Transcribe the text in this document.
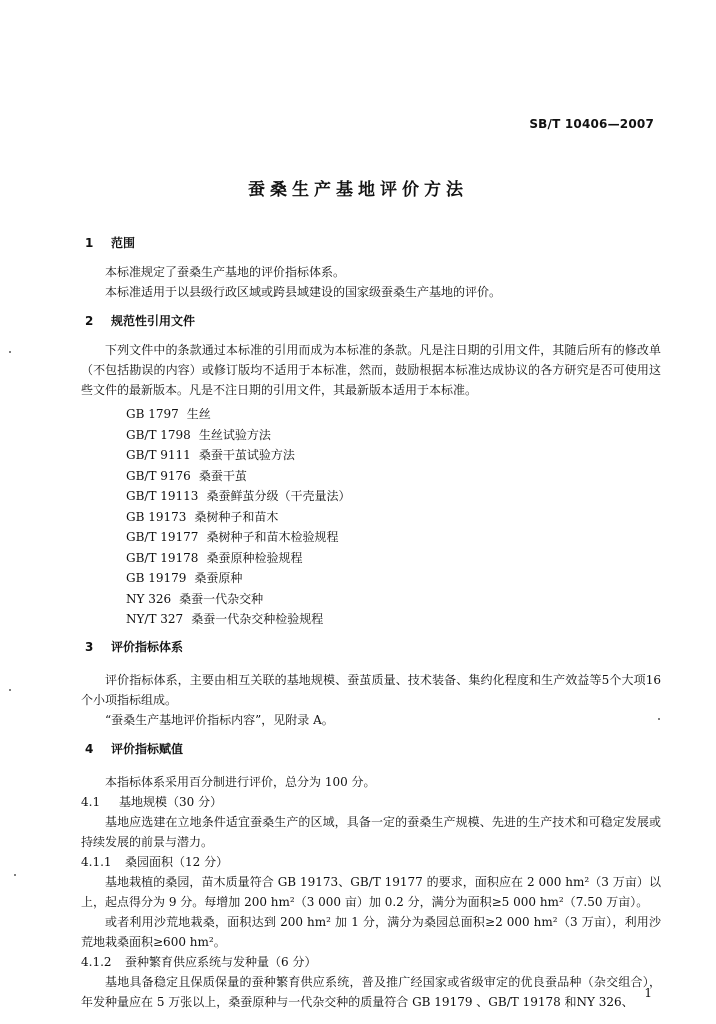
SB/T 10406—2007
蚕桑生产基地评价方法
1 范围

本标准规定了蚕桑生产基地的评价指标体系。

本标准适用于以县级行政区域或跨县域建设的国家级蚕桑生产基地的评价。

2 规范性引用文件

下列文件中的条款通过本标准的引用而成为本标准的条款。凡是注日期的引用文件，其随后所有的修改单（不包括勘误的内容）或修订版均不适用于本标准，然而，鼓励根据本标准达成协议的各方研究是否可使用这些文件的最新版本。凡是不注日期的引用文件，其最新版本适用于本标准。

GB 1797 生丝
GB/T 1798 生丝试验方法
GB/T 9111 桑蚕干茧试验方法
GB/T 9176 桑蚕干茧
GB/T 19113 桑蚕鲜茧分级（干壳量法）
GB 19173 桑树种子和苗木
GB/T 19177 桑树种子和苗木检验规程
GB/T 19178 桑蚕原种检验规程
GB 19179 桑蚕原种
NY 326 桑蚕一代杂交种
NY/T 327 桑蚕一代杂交种检验规程
3 评价指标体系

评价指标体系，主要由相互关联的基地规模、蚕茧质量、技术装备、集约化程度和生产效益等5个大项16个小项指标组成。

“蚕桑生产基地评价指标内容”，见附录 A。

4 评价指标赋值

本指标体系采用百分制进行评价，总分为 100 分。

4.1 基地规模（30 分）

基地应选建在立地条件适宜蚕桑生产的区域，具备一定的蚕桑生产规模、先进的生产技术和可稳定发展或持续发展的前景与潜力。

4.1.1 桑园面积（12 分）

基地栽植的桑园，苗木质量符合 GB 19173、GB/T 19177 的要求，面积应在 2 000 hm²（3 万亩）以上，起点得分为 9 分。每增加 200 hm²（3 000 亩）加 0.2 分，满分为面积≥5 000 hm²（7.50 万亩）。

或者利用沙荒地栽桑，面积达到 200 hm² 加 1 分，满分为桑园总面积≥2 000 hm²（3 万亩），利用沙荒地栽桑面积≥600 hm²。

4.1.2 蚕种繁育供应系统与发种量（6 分）

基地具备稳定且保质保量的蚕种繁育供应系统，普及推广经国家或省级审定的优良蚕品种（杂交组合），年发种量应在 5 万张以上，桑蚕原种与一代杂交种的质量符合 GB 19179 、GB/T 19178 和NY 326、

1
